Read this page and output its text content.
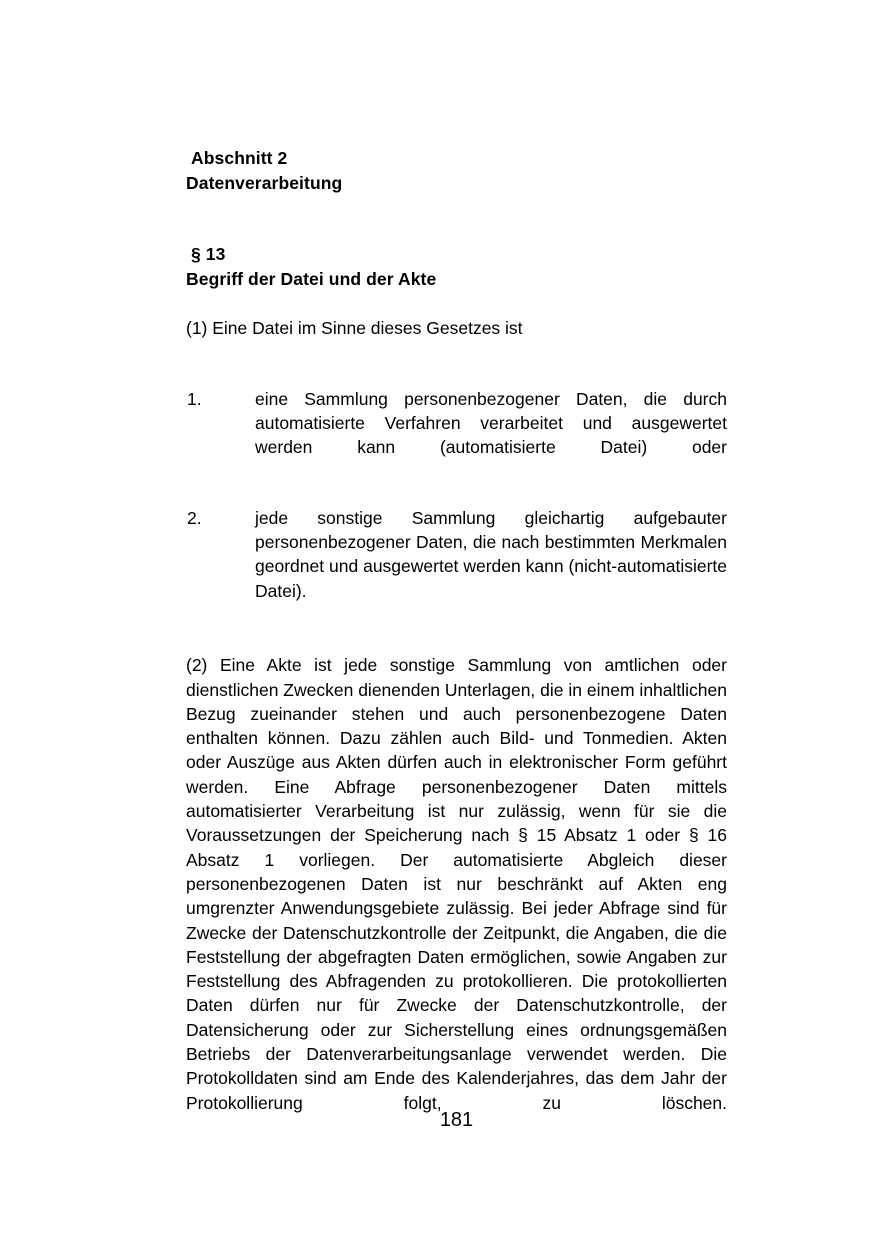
Abschnitt 2
Datenverarbeitung
§ 13
Begriff der Datei und der Akte

(1) Eine Datei im Sinne dieses Gesetzes ist

1.	eine Sammlung personenbezogener Daten, die durch automatisierte Verfahren verarbeitet und ausgewertet werden kann (automatisierte Datei) oder
2.	jede sonstige Sammlung gleichartig aufgebauter personenbezogener Daten, die nach bestimmten Merkmalen geordnet und ausgewertet werden kann (nicht-automatisierte Datei).

(2) Eine Akte ist jede sonstige Sammlung von amtlichen oder dienstlichen Zwecken dienenden Unterlagen, die in einem inhaltlichen Bezug zueinander stehen und auch personenbezogene Daten enthalten können. Dazu zählen auch Bild- und Tonmedien. Akten oder Auszüge aus Akten dürfen auch in elektronischer Form geführt werden. Eine Abfrage personenbezogener Daten mittels automatisierter Verarbeitung ist nur zulässig, wenn für sie die Voraussetzungen der Speicherung nach § 15 Absatz 1 oder § 16 Absatz 1 vorliegen. Der automatisierte Abgleich dieser personenbezogenen Daten ist nur beschränkt auf Akten eng umgrenzter Anwendungsgebiete zulässig. Bei jeder Abfrage sind für Zwecke der Datenschutzkontrolle der Zeitpunkt, die Angaben, die die Feststellung der abgefragten Daten ermöglichen, sowie Angaben zur Feststellung des Abfragenden zu protokollieren. Die protokollierten Daten dürfen nur für Zwecke der Datenschutzkontrolle, der Datensicherung oder zur Sicherstellung eines ordnungsgemäßen Betriebs der Datenverarbeitungsanlage verwendet werden. Die Protokolldaten sind am Ende des Kalenderjahres, das dem Jahr der Protokollierung folgt, zu löschen.

181
